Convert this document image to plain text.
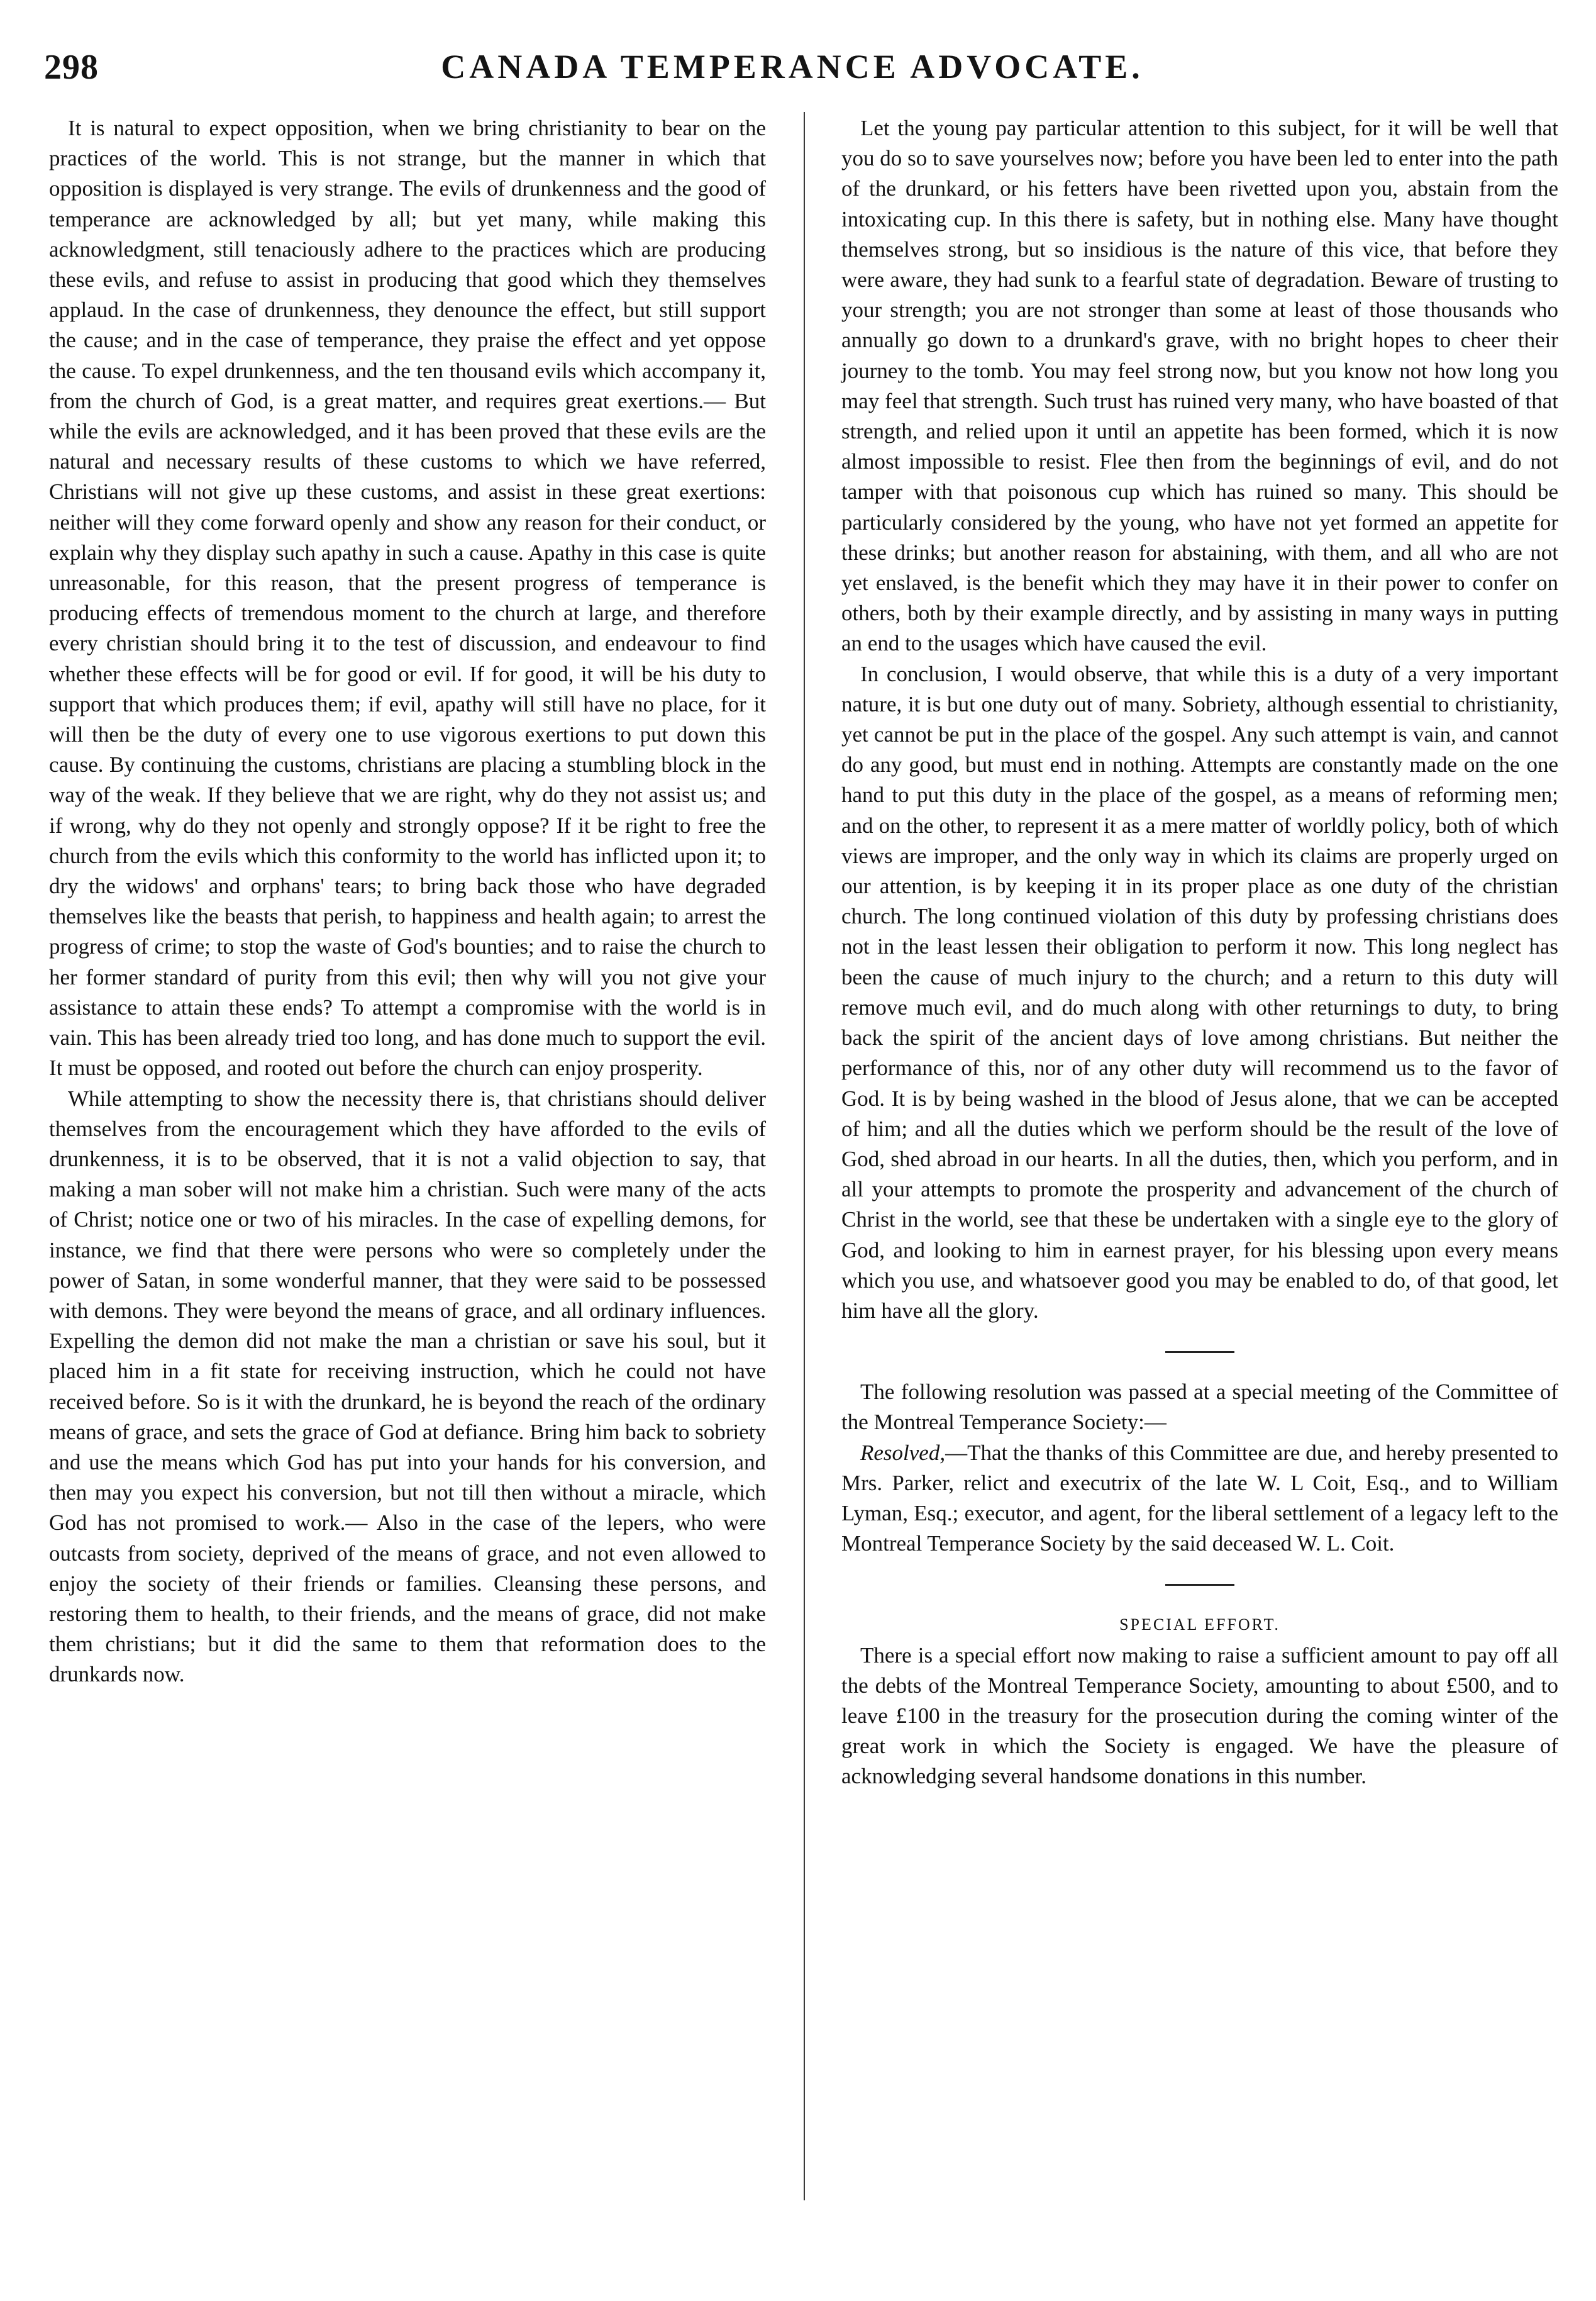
298	CANADA TEMPERANCE ADVOCATE.

It is natural to expect opposition, when we bring christianity to bear on the practices of the world. This is not strange, but the manner in which that opposition is displayed is very strange. The evils of drunkenness and the good of temperance are acknowledged by all; but yet many, while making this acknowledgment, still tenaciously adhere to the practices which are producing these evils, and refuse to assist in producing that good which they themselves applaud. In the case of drunkenness, they denounce the effect, but still support the cause; and in the case of temperance, they praise the effect and yet oppose the cause. To expel drunkenness, and the ten thousand evils which accompany it, from the church of God, is a great matter, and requires great exertions.— But while the evils are acknowledged, and it has been proved that these evils are the natural and necessary results of these customs to which we have referred, Christians will not give up these customs, and assist in these great exertions: neither will they come forward openly and show any reason for their conduct, or explain why they display such apathy in such a cause. Apathy in this case is quite unreasonable, for this reason, that the present progress of temperance is producing effects of tremendous moment to the church at large, and therefore every christian should bring it to the test of discussion, and endeavour to find whether these effects will be for good or evil. If for good, it will be his duty to support that which produces them; if evil, apathy will still have no place, for it will then be the duty of every one to use vigorous exertions to put down this cause. By continuing the customs, christians are placing a stumbling block in the way of the weak. If they believe that we are right, why do they not assist us; and if wrong, why do they not openly and strongly oppose? If it be right to free the church from the evils which this conformity to the world has inflicted upon it; to dry the widows' and orphans' tears; to bring back those who have degraded themselves like the beasts that perish, to happiness and health again; to arrest the progress of crime; to stop the waste of God's bounties; and to raise the church to her former standard of purity from this evil; then why will you not give your assistance to attain these ends? To attempt a compromise with the world is in vain. This has been already tried too long, and has done much to support the evil. It must be opposed, and rooted out before the church can enjoy prosperity.

While attempting to show the necessity there is, that christians should deliver themselves from the encouragement which they have afforded to the evils of drunkenness, it is to be observed, that it is not a valid objection to say, that making a man sober will not make him a christian. Such were many of the acts of Christ; notice one or two of his miracles. In the case of expelling demons, for instance, we find that there were persons who were so completely under the power of Satan, in some wonderful manner, that they were said to be possessed with demons. They were beyond the means of grace, and all ordinary influences. Expelling the demon did not make the man a christian or save his soul, but it placed him in a fit state for receiving instruction, which he could not have received before. So is it with the drunkard, he is beyond the reach of the ordinary means of grace, and sets the grace of God at defiance. Bring him back to sobriety and use the means which God has put into your hands for his conversion, and then may you expect his conversion, but not till then without a miracle, which God has not promised to work.— Also in the case of the lepers, who were outcasts from society, deprived of the means of grace, and not even allowed to enjoy the society of their friends or families. Cleansing these persons, and restoring them to health, to their friends, and the means of grace, did not make them christians; but it did the same to them that reformation does to the drunkards now.

Let the young pay particular attention to this subject, for it will be well that you do so to save yourselves now; before you have been led to enter into the path of the drunkard, or his fetters have been rivetted upon you, abstain from the intoxicating cup. In this there is safety, but in nothing else. Many have thought themselves strong, but so insidious is the nature of this vice, that before they were aware, they had sunk to a fearful state of degradation. Beware of trusting to your strength; you are not stronger than some at least of those thousands who annually go down to a drunkard's grave, with no bright hopes to cheer their journey to the tomb. You may feel strong now, but you know not how long you may feel that strength. Such trust has ruined very many, who have boasted of that strength, and relied upon it until an appetite has been formed, which it is now almost impossible to resist. Flee then from the beginnings of evil, and do not tamper with that poisonous cup which has ruined so many. This should be particularly considered by the young, who have not yet formed an appetite for these drinks; but another reason for abstaining, with them, and all who are not yet enslaved, is the benefit which they may have it in their power to confer on others, both by their example directly, and by assisting in many ways in putting an end to the usages which have caused the evil.

In conclusion, I would observe, that while this is a duty of a very important nature, it is but one duty out of many. Sobriety, although essential to christianity, yet cannot be put in the place of the gospel. Any such attempt is vain, and cannot do any good, but must end in nothing. Attempts are constantly made on the one hand to put this duty in the place of the gospel, as a means of reforming men; and on the other, to represent it as a mere matter of worldly policy, both of which views are improper, and the only way in which its claims are properly urged on our attention, is by keeping it in its proper place as one duty of the christian church. The long continued violation of this duty by professing christians does not in the least lessen their obligation to perform it now. This long neglect has been the cause of much injury to the church; and a return to this duty will remove much evil, and do much along with other returnings to duty, to bring back the spirit of the ancient days of love among christians. But neither the performance of this, nor of any other duty will recommend us to the favor of God. It is by being washed in the blood of Jesus alone, that we can be accepted of him; and all the duties which we perform should be the result of the love of God, shed abroad in our hearts. In all the duties, then, which you perform, and in all your attempts to promote the prosperity and advancement of the church of Christ in the world, see that these be undertaken with a single eye to the glory of God, and looking to him in earnest prayer, for his blessing upon every means which you use, and whatsoever good you may be enabled to do, of that good, let him have all the glory.

The following resolution was passed at a special meeting of the Committee of the Montreal Temperance Society:—

Resolved,—That the thanks of this Committee are due, and hereby presented to Mrs. Parker, relict and executrix of the late W. L Coit, Esq., and to William Lyman, Esq.; executor, and agent, for the liberal settlement of a legacy left to the Montreal Temperance Society by the said deceased W. L. Coit.

SPECIAL EFFORT.

There is a special effort now making to raise a sufficient amount to pay off all the debts of the Montreal Temperance Society, amounting to about £500, and to leave £100 in the treasury for the prosecution during the coming winter of the great work in which the Society is engaged. We have the pleasure of acknowledging several handsome donations in this number.
